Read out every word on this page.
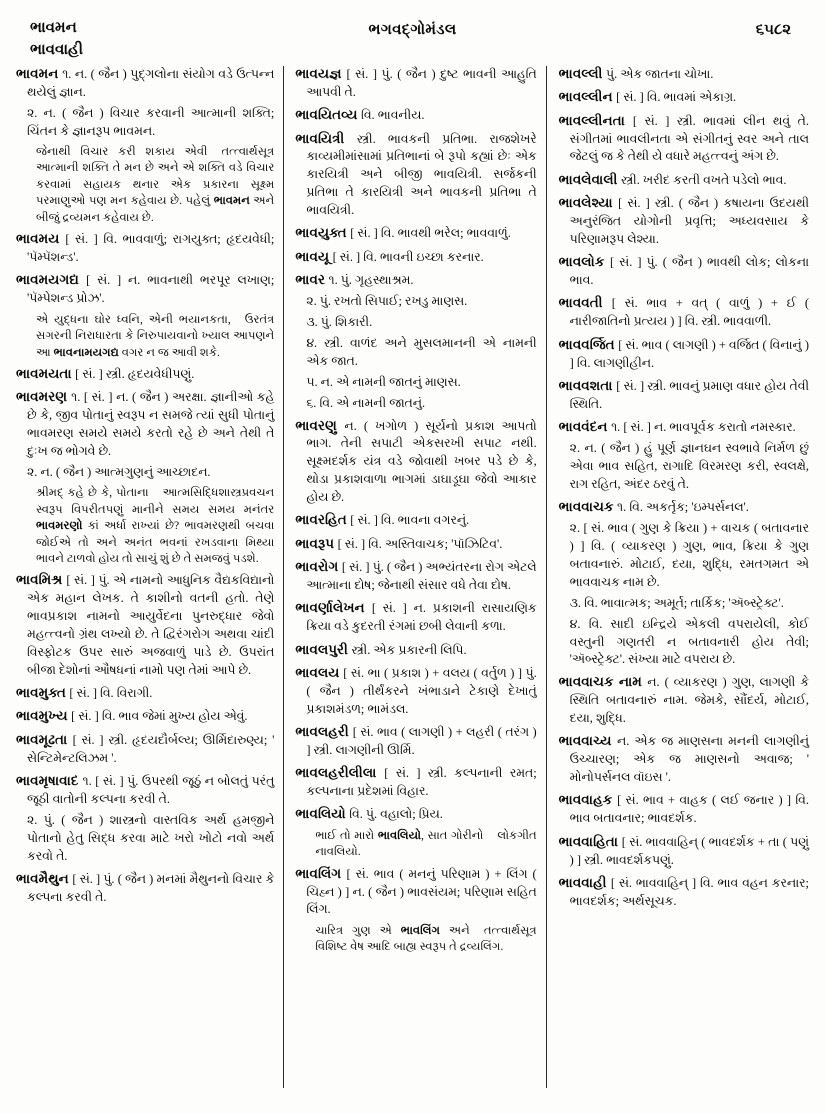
ભાવમન
ભાવવાહી
ભગવદ્ગોમંડલ	૬૫૮૨
ભાવમન ૧. ન. ( જૈન ) પુદ્ગલોના સંયોગ વડે ઉત્પન્ન થયેલું જ્ઞાન.
૨. ન. ( જૈન ) વિચાર કરવાની આત્માની શક્તિ; ચિંતન કે જ્ઞાનરૂપ ભાવમન.
તત્ત્વાર્થસૂત્ર
જેનાથી વિચાર કરી શકાય એવી આત્માની શક્તિ તે મન છે અને એ શક્તિ વડે વિચાર કરવામાં સહાયક થનાર એક પ્રકારના સૂક્ષ્મ પરમાણુઓ પણ મન કહેવાય છે. પહેલું ભાવમન અને બીજું દ્રવ્યમન કહેવાય છે.
ભાવમય [ સં. ] વિ. ભાવવાળું; રાગયુક્ત; હૃદયવેધી; 'પૅમ્પૅશન્ડ'.
ભાવમયગદ્ય [ સં. ] ન. ભાવનાથી ભરપૂર લખાણ; 'પૅમ્પેશન્ડ પ્રોઝ'.
ઉરતંત્ર
એ યુદ્ધના ઘોર ધ્વનિ, એની ભયાનકતા, સગરની નિરાધારતા કે નિરુપાયવાનો ખ્યાલ આપણને આ ભાવનામયગદ્ય વગર ન જ આવી શકે.
ભાવમયતા [ સં. ] સ્ત્રી. હૃદયવેધીપણું.
ભાવમરણ ૧. [ સં. ] ન. ( જૈન ) અરક્ષા. જ્ઞાનીઓ કહે છે કે, જીવ પોતાનું સ્વરૂપ ન સમજે ત્યાં સુધી પોતાનું ભાવમરણ સમયે સમયે કરતો રહે છે અને તેથી તે દુઃખ જ ભોગવે છે.
૨. ન. ( જૈન ) આત્મગુણનું આચ્છાદન.
આત્મસિદ્ધિશાસ્ત્રપ્રવચન
શ્રીમદ્ કહે છે કે, પોતાના સ્વરૂપ વિપરીતપણું માનીને સમય સમય મનંતર ભાવમરણો કાં અર્ધા રાખ્યાં છે? ભાવમરણથી બચવા જોઈએ તો અને અનંત ભવનાં રખડવાના મિથ્યા ભાવને ટાળવો હોય તો સાચું શું છે તે સમજવું પડશે.
ભાવમિશ્ર [ સં. ] પું. એ નામનો આધુનિક વૈદ્યકવિદ્યાનો એક મહાન લેખક. તે કાશીનો વતની હતો. તેણે ભાવપ્રકાશ નામનો આયુર્વેદના પુનરુદ્ધાર જેવો મહત્ત્વનો ગ્રંથ લખ્યો છે. તે દ્વિરંગરોગ અથવા ચાંદી વિસ્ફોટક ઉપર સારું અજવાળું પાડે છે. ઉપરાંત બીજા દેશોનાં ઔષધનાં નામો પણ તેમાં આપે છે.
ભાવમુક્ત [ સં. ] વિ. વિરાગી.
ભાવમુખ્ય [ સં. ] વિ. ભાવ જેમાં મુખ્ય હોય એવું.
ભાવમૂઢતા [ સં. ] સ્ત્રી. હૃદયદૌર્બલ્ય; ઊર્મિદારુણ્ય; ' સેન્ટિમેન્ટલિઝમ '.
ભાવમૃષાવાદ ૧. [ સં. ] પું. ઉપરથી જૂઠું ન બોલતું પરંતુ જૂઠી વાતોની કલ્પના કરવી તે.
૨. પું. ( જૈન ) શાસ્ત્રનો વાસ્તવિક અર્થ હમજીને પોતાનો હેતુ સિદ્ધ કરવા માટે ખરો ખોટો નવો અર્થ કરવો તે.
ભાવમૈથુન [ સં. ] પું. ( જૈન ) મનમાં મૈથુનનો વિચાર કે કલ્પના કરવી તે.
ભાવયજ્ઞ [ સં. ] પું. ( જૈન ) દુષ્ટ ભાવની આહુતિ આપવી તે.
ભાવયિતવ્ય વિ. ભાવનીય.
ભાવયિત્રી સ્ત્રી. ભાવકની પ્રતિભા. રાજશેખરે કાવ્યમીમાંસામાં પ્રતિભાનાં બે રૂપો કહ્યાં છેઃ એક કારયિત્રી અને બીજી ભાવયિત્રી. સર્જકની પ્રતિભા તે કારયિત્રી અને ભાવકની પ્રતિભા તે ભાવયિત્રી.
ભાવયુક્ત [ સં. ] વિ. ભાવથી ભરેલ; ભાવવાળું.
ભાવયૂ [ સં. ] વિ. ભાવની ઇચ્છા કરનાર.
ભાવર ૧. પું. ગૃહસ્થાશ્રમ.
૨. પું. રખતો સિપાઈ; રખડુ માણસ.
૩. પું. શિકારી.
૪. સ્ત્રી. વાળંદ અને મુસલમાનની એ નામની એક જાત.
૫. ન. એ નામની જાતનું માણસ.
૬. વિ. એ નામની જાતનું.
ભાવરણુ ન. ( ખગોળ ) સૂર્યનો પ્રકાશ આપતો ભાગ. તેની સપાટી એકસરખી સપાટ નથી. સૂક્ષ્મદર્શક યંત્ર વડે જોવાથી ખબર પડે છે કે, થોડા પ્રકાશવાળા ભાગમાં ડાઘાડૂઘા જેવો આકાર હોય છે.
ભાવરહિત [ સં. ] વિ. ભાવના વગરનું.
ભાવરૂપ [ સં. ] વિ. અસ્તિવાચક; 'પૉઝિટિવ'.
ભાવરોગ [ સં. ] પું. ( જૈન ) અભ્યંતરના રોગ એટલે આત્માના દોષ; જેનાથી સંસાર વધે તેવા દોષ.
ભાવર્ણાલેખન [ સં. ] ન. પ્રકાશની રાસાયણિક ક્રિયા વડે કુદરતી રંગમાં છબી લેવાની કળા.
ભાવલપુરી સ્ત્રી. એક પ્રકારની લિપિ.
ભાવલય [ સં. ભા ( પ્રકાશ ) + વલય ( વર્તુળ ) ] પું. ( જૈન ) તીર્થંકરને ખંભાડાને ટેકાણે દેખાતું પ્રકાશમંડળ; ભામંડલ.
ભાવલહરી [ સં. ભાવ ( લાગણી ) + લહરી ( તરંગ ) ] સ્ત્રી. લાગણીની ઊર્મિ.
ભાવલહરીલીલા [ સં. ] સ્ત્રી. કલ્પનાની રમત; કલ્પનાના પ્રદેશમાં વિહાર.
ભાવલિયો વિ. પું. વહાલો; પ્રિય.
લોકગીત
ભાઈ તો મારો ભાવલિયો, સાત ગોરીનો નાવલિયો.
ભાવલિંગ [ સં. ભાવ ( મનનું પરિણામ ) + લિંગ ( ચિહ્ન ) ] ન. ( જૈન ) ભાવસંયમ; પરિણામ સહિત લિંગ.
તત્ત્વાર્થસૂત્ર
ચારિત્ર ગુણ એ ભાવલિંગ અને વિશિષ્ટ વેષ આદિ બાહ્ય સ્વરૂપ તે દ્રવ્યલિંગ.
ભાવલ્લી પું. એક જાતના ચોખા.
ભાવલ્લીન [ સં. ] વિ. ભાવમાં એકાગ્ર.
ભાવલ્લીનતા [ સં. ] સ્ત્રી. ભાવમાં લીન થવું તે. સંગીતમાં ભાવલીનતા એ સંગીતનું સ્વર અને તાલ જેટલું જ કે તેથી યે વધારે મહત્ત્વનું અંગ છે.
ભાવલેવાલી સ્ત્રી. ખરીદ કરતી વખતે પડેલો ભાવ.
ભાવલેશ્યા [ સં. ] સ્ત્રી. ( જૈન ) કષાયના ઉદયથી અનુરંજિત યોગોની પ્રવૃત્તિ; અધ્યવસાય કે પરિણામરૂપ લેશ્યા.
ભાવલોક [ સં. ] પું. ( જૈન ) ભાવથી લોક; લોકના ભાવ.
ભાવવતી [ સં. ભાવ + વત્ ( વાળું ) + ઈ ( નારીજાતિનો પ્રત્યય ) ] વિ. સ્ત્રી. ભાવવાળી.
ભાવવર્જિત [ સં. ભાવ ( લાગણી ) + વર્જિત ( વિનાનું ) ] વિ. લાગણીહીન.
ભાવવશતા [ સં. ] સ્ત્રી. ભાવનું પ્રમાણ વધાર હોય તેવી સ્થિતિ.
ભાવવંદન ૧. [ સં. ] ન. ભાવપૂર્વક કરાતો નમસ્કાર.
૨. ન. ( જૈન ) હું પૂર્ણ જ્ઞાનઘન સ્વભાવે નિર્મળ છું એવા ભાવ સહિત, રાગાદિ વિરમરણ કરી, સ્વલક્ષે, રાગ રહિત, અંદર ઠરવું તે.
ભાવવાચક ૧. વિ. અકર્તૃક; 'ઇમ્પર્સનલ'.
૨. [ સં. ભાવ ( ગુણ કે ક્રિયા ) + વાચક ( બતાવનાર ) ] વિ. ( વ્યાકરણ ) ગુણ, ભાવ, ક્રિયા કે ગુણ બતાવનારું. મોટાઈ, દયા, શુદ્ધિ, રમતગમત એ ભાવવાચક નામ છે.
૩. વિ. ભાવાત્મક; અમૂર્ત; તાર્કિક; 'ઍબ્સ્ટ્રેક્ટ'.
૪. વિ. સાદી ઇન્દ્રિયે એકલી વપરાયેલી, કોઈ વસ્તુની ગણતરી ન બતાવનારી હોય તેવી; 'ઍબ્સ્ટ્રેક્ટ'. સંખ્યા માટે વપરાય છે.
ભાવવાચક નામ ન. ( વ્યાકરણ ) ગુણ, લાગણી કે સ્થિતિ બતાવનારું નામ. જેમકે, સૌંદર્ય, મોટાઈ, દયા, શુદ્ધિ.
ભાવવાચ્ય ન. એક જ માણસના મનની લાગણીનું ઉચ્ચારણ; એક જ માણસનો અવાજ; ' મોનોપર્સનલ વૉઇસ '.
ભાવવાહક [ સં. ભાવ + વાહક ( લઈ જનાર ) ] વિ. ભાવ બતાવનાર; ભાવદર્શક.
ભાવવાહિતા [ સં. ભાવવાહિન્ ( ભાવદર્શક + તા ( પણું ) ] સ્ત્રી. ભાવદર્શકપણું.
ભાવવાહી [ સં. ભાવવાહિન્ ] વિ. ભાવ વહન કરનાર; ભાવદર્શક; અર્થસૂચક.
